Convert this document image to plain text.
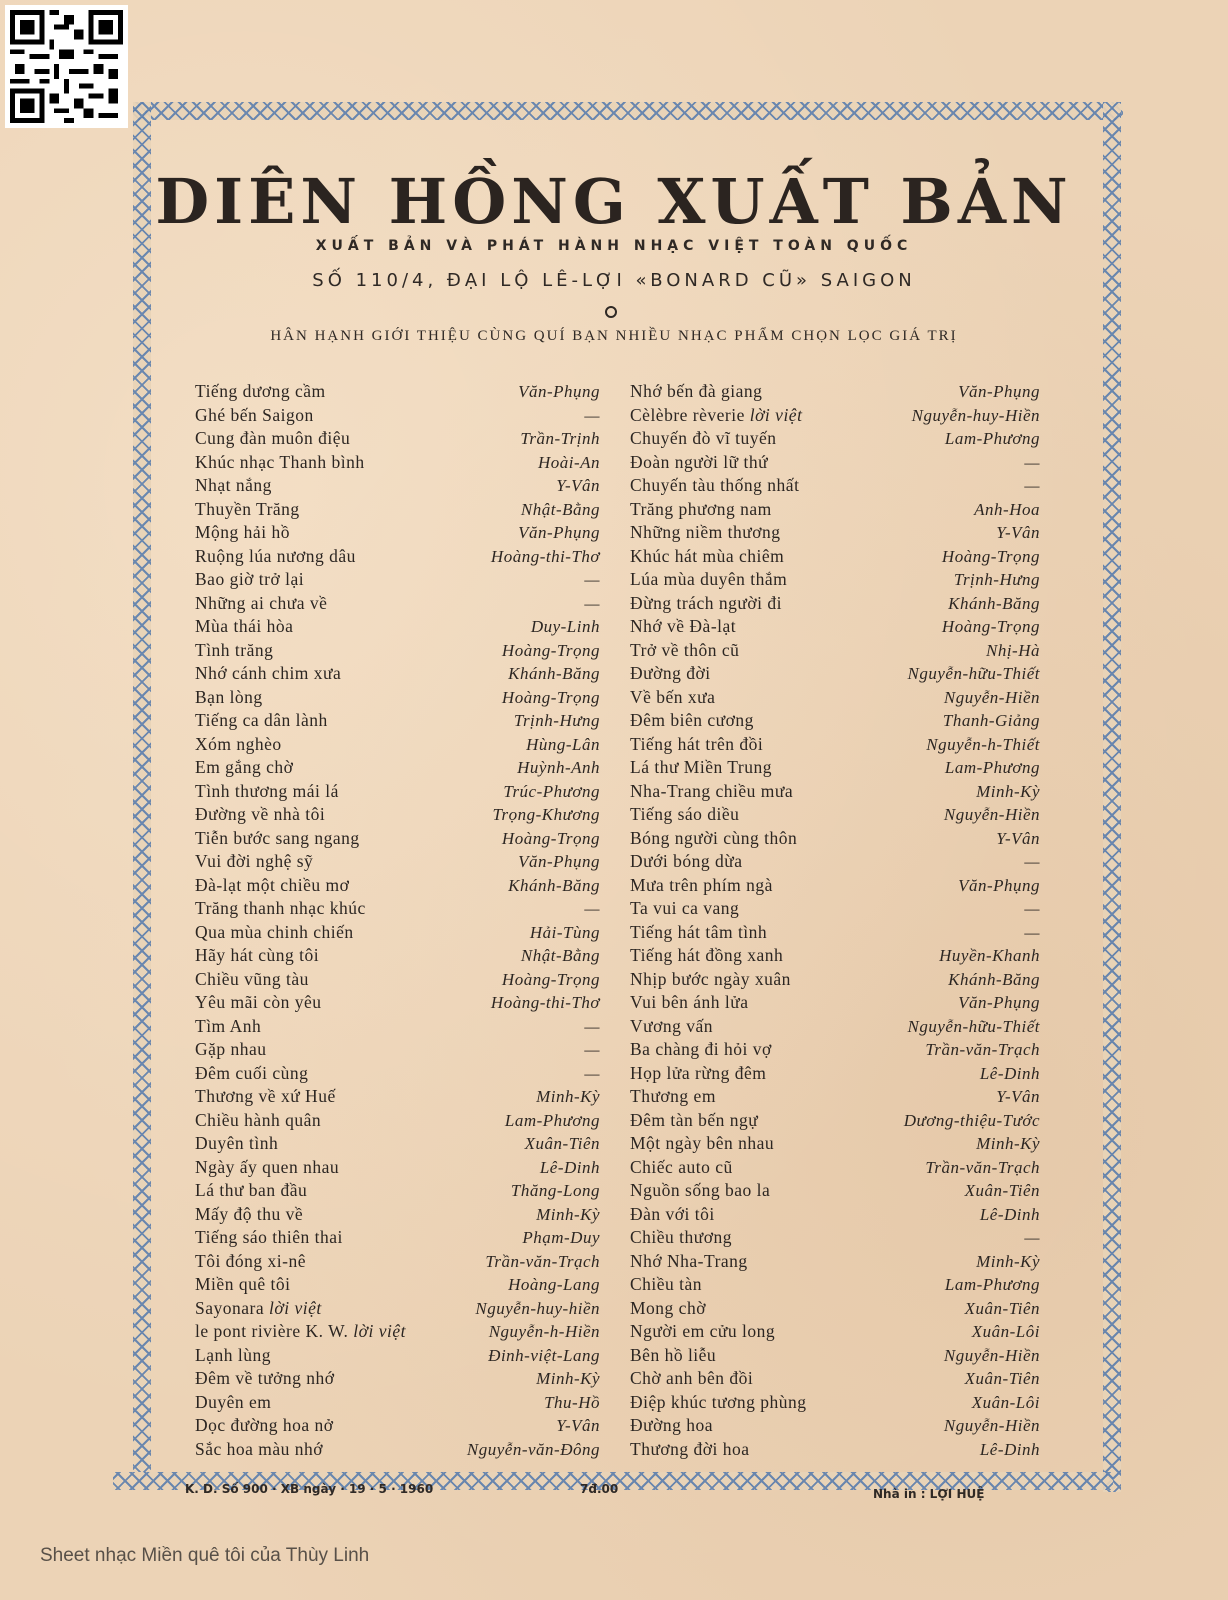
DIÊN HỒNG XUẤT BẢN
XUẤT BẢN VÀ PHÁT HÀNH NHẠC VIỆT TOÀN QUỐC
SỐ 110/4, ĐẠI LỘ LÊ-LỢI «BONARD CŨ» SAIGON
HÂN HẠNH GIỚI THIỆU CÙNG QUÍ BẠN NHIỀU NHẠC PHẨM CHỌN LỌC GIÁ TRỊ
Tiếng dương cầm	Văn-Phụng
Ghé bến Saigon	—
Cung đàn muôn điệu	Trần-Trịnh
Khúc nhạc Thanh bình	Hoài-An
Nhạt nắng	Y-Vân
Thuyền Trăng	Nhật-Bằng
Mộng hải hồ	Văn-Phụng
Ruộng lúa nương dâu	Hoàng-thi-Thơ
Bao giờ trở lại	—
Những ai chưa về	—
Mùa thái hòa	Duy-Linh
Tình trăng	Hoàng-Trọng
Nhớ cánh chim xưa	Khánh-Băng
Bạn lòng	Hoàng-Trọng
Tiếng ca dân lành	Trịnh-Hưng
Xóm nghèo	Hùng-Lân
Em gắng chờ	Huỳnh-Anh
Tình thương mái lá	Trúc-Phương
Đường về nhà tôi	Trọng-Khương
Tiễn bước sang ngang	Hoàng-Trọng
Vui đời nghệ sỹ	Văn-Phụng
Đà-lạt một chiều mơ	Khánh-Băng
Trăng thanh nhạc khúc	—
Qua mùa chinh chiến	Hải-Tùng
Hãy hát cùng tôi	Nhật-Bằng
Chiều vũng tàu	Hoàng-Trọng
Yêu mãi còn yêu	Hoàng-thi-Thơ
Tìm Anh	—
Gặp nhau	—
Đêm cuối cùng	—
Thương về xứ Huế	Minh-Kỳ
Chiều hành quân	Lam-Phương
Duyên tình	Xuân-Tiên
Ngày ấy quen nhau	Lê-Dinh
Lá thư ban đầu	Thăng-Long
Mấy độ thu về	Minh-Kỳ
Tiếng sáo thiên thai	Phạm-Duy
Tôi đóng xi-nê	Trần-văn-Trạch
Miền quê tôi	Hoàng-Lang
Sayonara lời việt	Nguyễn-huy-hiền
le pont rivière K. W. lời việt	Nguyễn-h-Hiền
Lạnh lùng	Đinh-việt-Lang
Đêm về tưởng nhớ	Minh-Kỳ
Duyên em	Thu-Hồ
Dọc đường hoa nở	Y-Vân
Sắc hoa màu nhớ	Nguyễn-văn-Đông
Nhớ bến đà giang	Văn-Phụng
Cèlèbre rèverie lời việt	Nguyễn-huy-Hiền
Chuyến đò vĩ tuyến	Lam-Phương
Đoàn người lữ thứ	—
Chuyến tàu thống nhất	—
Trăng phương nam	Anh-Hoa
Những niềm thương	Y-Vân
Khúc hát mùa chiêm	Hoàng-Trọng
Lúa mùa duyên thắm	Trịnh-Hưng
Đừng trách người đi	Khánh-Băng
Nhớ về Đà-lạt	Hoàng-Trọng
Trở về thôn cũ	Nhị-Hà
Đường đời	Nguyễn-hữu-Thiết
Về bến xưa	Nguyễn-Hiền
Đêm biên cương	Thanh-Giảng
Tiếng hát trên đồi	Nguyễn-h-Thiết
Lá thư Miền Trung	Lam-Phương
Nha-Trang chiều mưa	Minh-Kỳ
Tiếng sáo diều	Nguyễn-Hiền
Bóng người cùng thôn	Y-Vân
Dưới bóng dừa	—
Mưa trên phím ngà	Văn-Phụng
Ta vui ca vang	—
Tiếng hát tâm tình	—
Tiếng hát đồng xanh	Huyền-Khanh
Nhịp bước ngày xuân	Khánh-Băng
Vui bên ánh lửa	Văn-Phụng
Vương vấn	Nguyễn-hữu-Thiết
Ba chàng đi hỏi vợ	Trần-văn-Trạch
Họp lửa rừng đêm	Lê-Dinh
Thương em	Y-Vân
Đêm tàn bến ngự	Dương-thiệu-Tước
Một ngày bên nhau	Minh-Kỳ
Chiếc auto cũ	Trần-văn-Trạch
Nguồn sống bao la	Xuân-Tiên
Đàn với tôi	Lê-Dinh
Chiều thương	—
Nhớ Nha-Trang	Minh-Kỳ
Chiều tàn	Lam-Phương
Mong chờ	Xuân-Tiên
Người em cửu long	Xuân-Lôi
Bên hồ liễu	Nguyễn-Hiền
Chờ anh bên đồi	Xuân-Tiên
Điệp khúc tương phùng	Xuân-Lôi
Đường hoa	Nguyễn-Hiền
Thương đời hoa	Lê-Dinh
K. D. Số 900 · XB ngày · 19 · 5 · 1960	7đ.00	Nhà in : LỢI HUỆ
Sheet nhạc Miền quê tôi của Thùy Linh
